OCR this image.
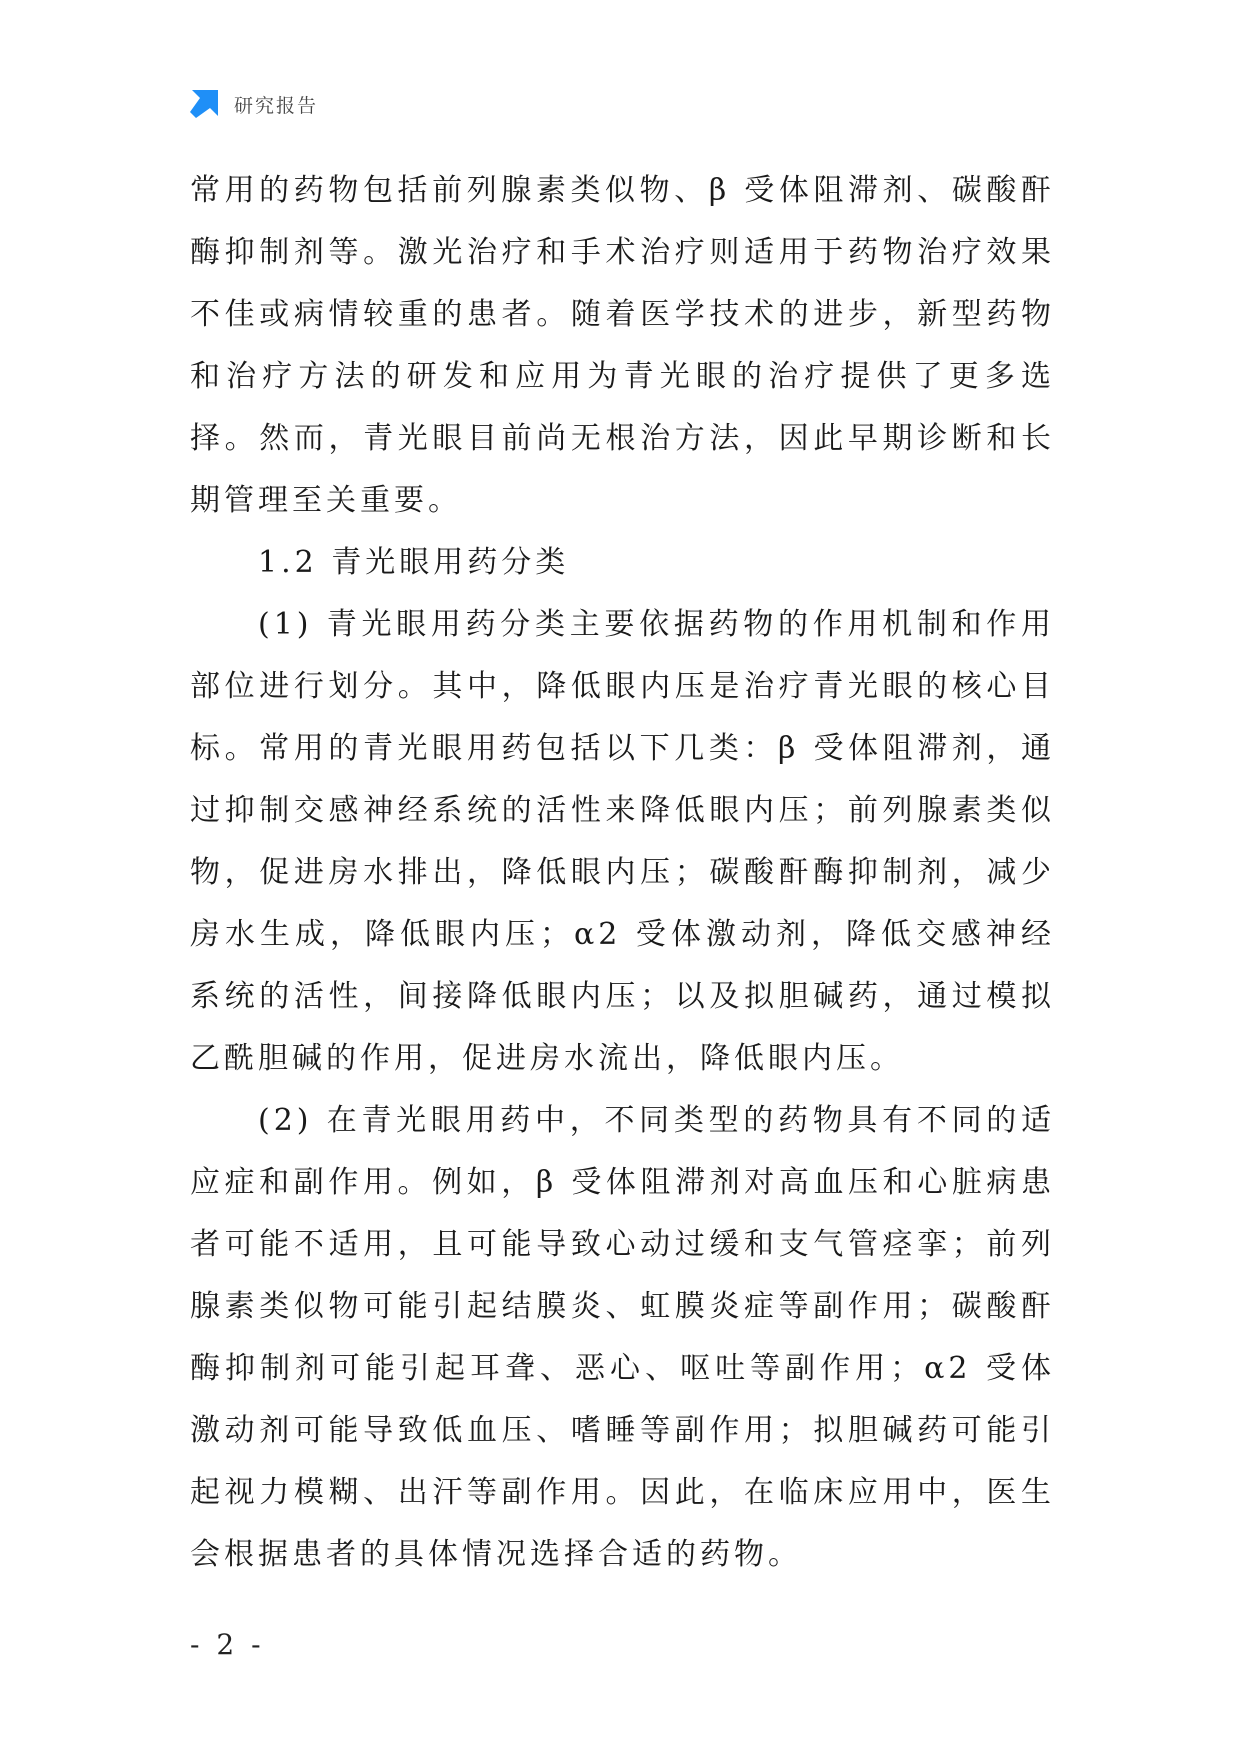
研究报告

常用的药物包括前列腺素类似物、β 受体阻滞剂、碳酸酐酶抑制剂等。激光治疗和手术治疗则适用于药物治疗效果不佳或病情较重的患者。随着医学技术的进步，新型药物和治疗方法的研发和应用为青光眼的治疗提供了更多选择。然而，青光眼目前尚无根治方法，因此早期诊断和长期管理至关重要。

1.2 青光眼用药分类

(1) 青光眼用药分类主要依据药物的作用机制和作用部位进行划分。其中，降低眼内压是治疗青光眼的核心目标。常用的青光眼用药包括以下几类：β 受体阻滞剂，通过抑制交感神经系统的活性来降低眼内压；前列腺素类似物，促进房水排出，降低眼内压；碳酸酐酶抑制剂，减少房水生成，降低眼内压；α2 受体激动剂，降低交感神经系统的活性，间接降低眼内压；以及拟胆碱药，通过模拟乙酰胆碱的作用，促进房水流出，降低眼内压。

(2) 在青光眼用药中，不同类型的药物具有不同的适应症和副作用。例如，β 受体阻滞剂对高血压和心脏病患者可能不适用，且可能导致心动过缓和支气管痉挛；前列腺素类似物可能引起结膜炎、虹膜炎症等副作用；碳酸酐酶抑制剂可能引起耳聋、恶心、呕吐等副作用；α2 受体激动剂可能导致低血压、嗜睡等副作用；拟胆碱药可能引起视力模糊、出汗等副作用。因此，在临床应用中，医生会根据患者的具体情况选择合适的药物。

- 2 -
